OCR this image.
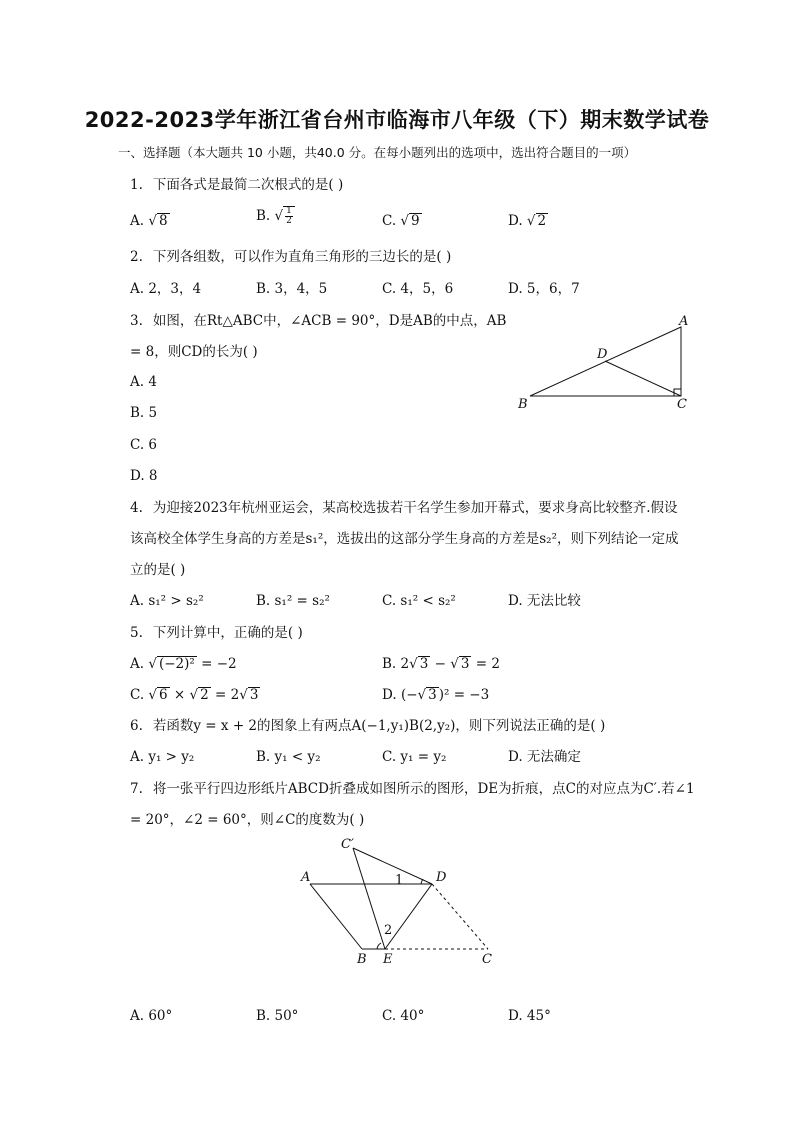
2022-2023学年浙江省台州市临海市八年级（下）期末数学试卷
一、选择题（本大题共 10 小题，共40.0 分。在每小题列出的选项中，选出符合题目的一项）
1. 下面各式是最简二次根式的是( )
A. √ 8	B. √ $\frac{1}{2}$	C. √ 9	D. √ 2
2. 下列各组数，可以作为直角三角形的三边长的是( )
A. 2，3，4	B. 3，4，5	C. 4，5，6	D. 5，6，7
3. 如图，在Rt△ABC中，∠ACB = 90°，D是AB的中点，AB
= 8，则CD的长为( )
A. 4
B. 5
C. 6
D. 8
A
D
B	C
4. 为迎接2023年杭州亚运会，某高校选拔若干名学生参加开幕式，要求身高比较整齐.假设
该高校全体学生身高的方差是s₁²，选拔出的这部分学生身高的方差是s₂²，则下列结论一定成
立的是( )
A. s₁² > s₂²	B. s₁² = s₂²	C. s₁² < s₂²	D. 无法比较
5. 下列计算中，正确的是( )
A. √ (−2)² = −2	B. 2√ 3 − √ 3 = 2
C. √ 6 × √ 2 = 2√ 3	D. (−√ 3 )² = −3
6. 若函数y = x + 2的图象上有两点A(−1,y₁)B(2,y₂)，则下列说法正确的是( )
A. y₁ > y₂	B. y₁ < y₂	C. y₁ = y₂	D. 无法确定
7. 将一张平行四边形纸片ABCD折叠成如图所示的图形，DE为折痕，点C的对应点为C′.若∠1
= 20°，∠2 = 60°，则∠C的度数为( )
C′
A	D
1
2
B E	C
A. 60°	B. 50°	C. 40°	D. 45°
